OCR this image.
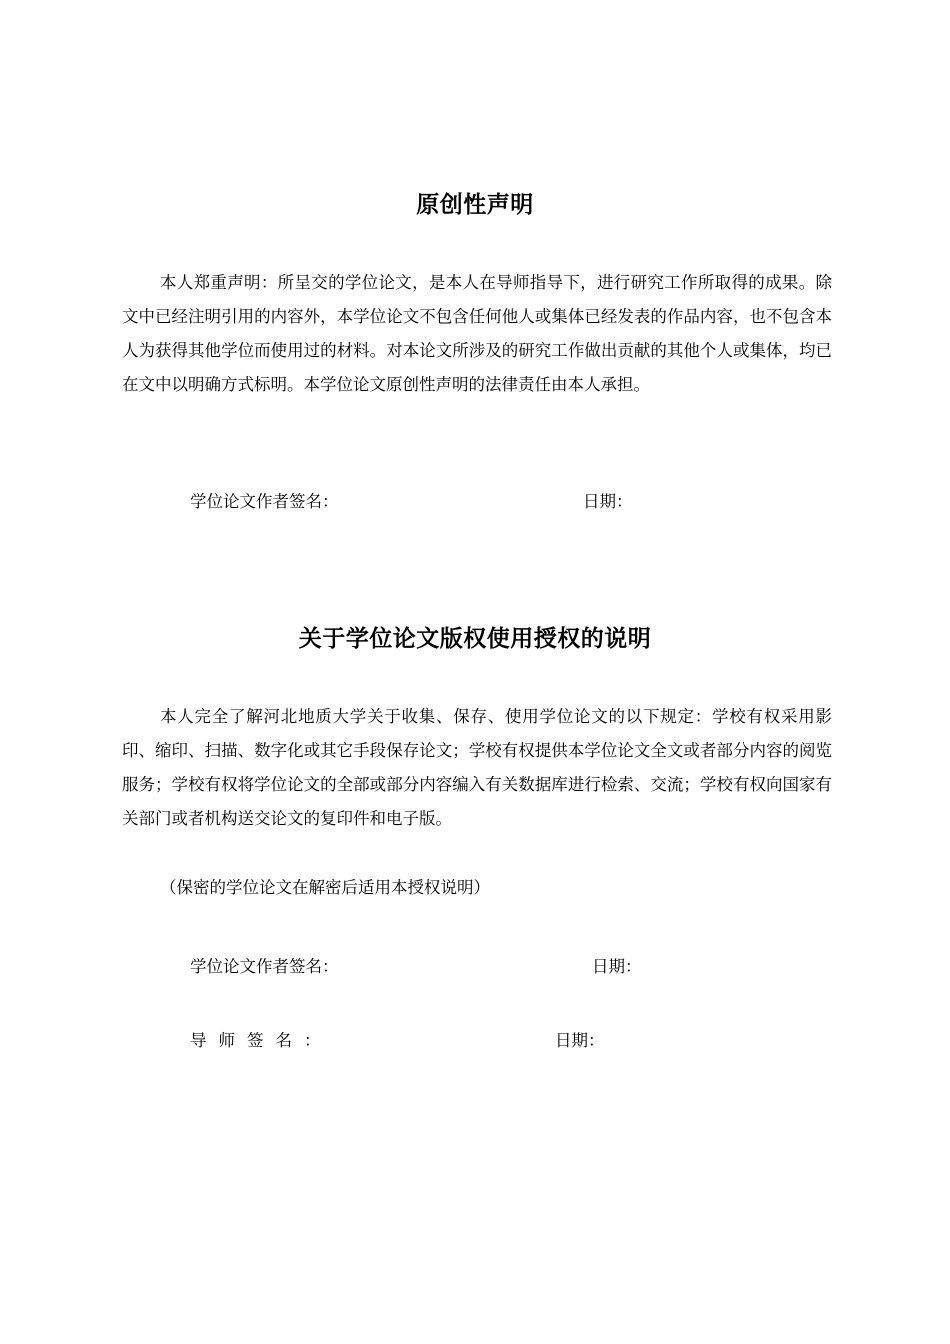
原创性声明

本人郑重声明：所呈交的学位论文，是本人在导师指导下，进行研究工作所取得的成果。除文中已经注明引用的内容外，本学位论文不包含任何他人或集体已经发表的作品内容，也不包含本人为获得其他学位而使用过的材料。对本论文所涉及的研究工作做出贡献的其他个人或集体，均已在文中以明确方式标明。本学位论文原创性声明的法律责任由本人承担。

学位论文作者签名：	日期：
关于学位论文版权使用授权的说明

本人完全了解河北地质大学关于收集、保存、使用学位论文的以下规定：学校有权采用影印、缩印、扫描、数字化或其它手段保存论文；学校有权提供本学位论文全文或者部分内容的阅览服务；学校有权将学位论文的全部或部分内容编入有关数据库进行检索、交流；学校有权向国家有关部门或者机构送交论文的复印件和电子版。

（保密的学位论文在解密后适用本授权说明）
学位论文作者签名：	日期：
导师签名：	日期：
